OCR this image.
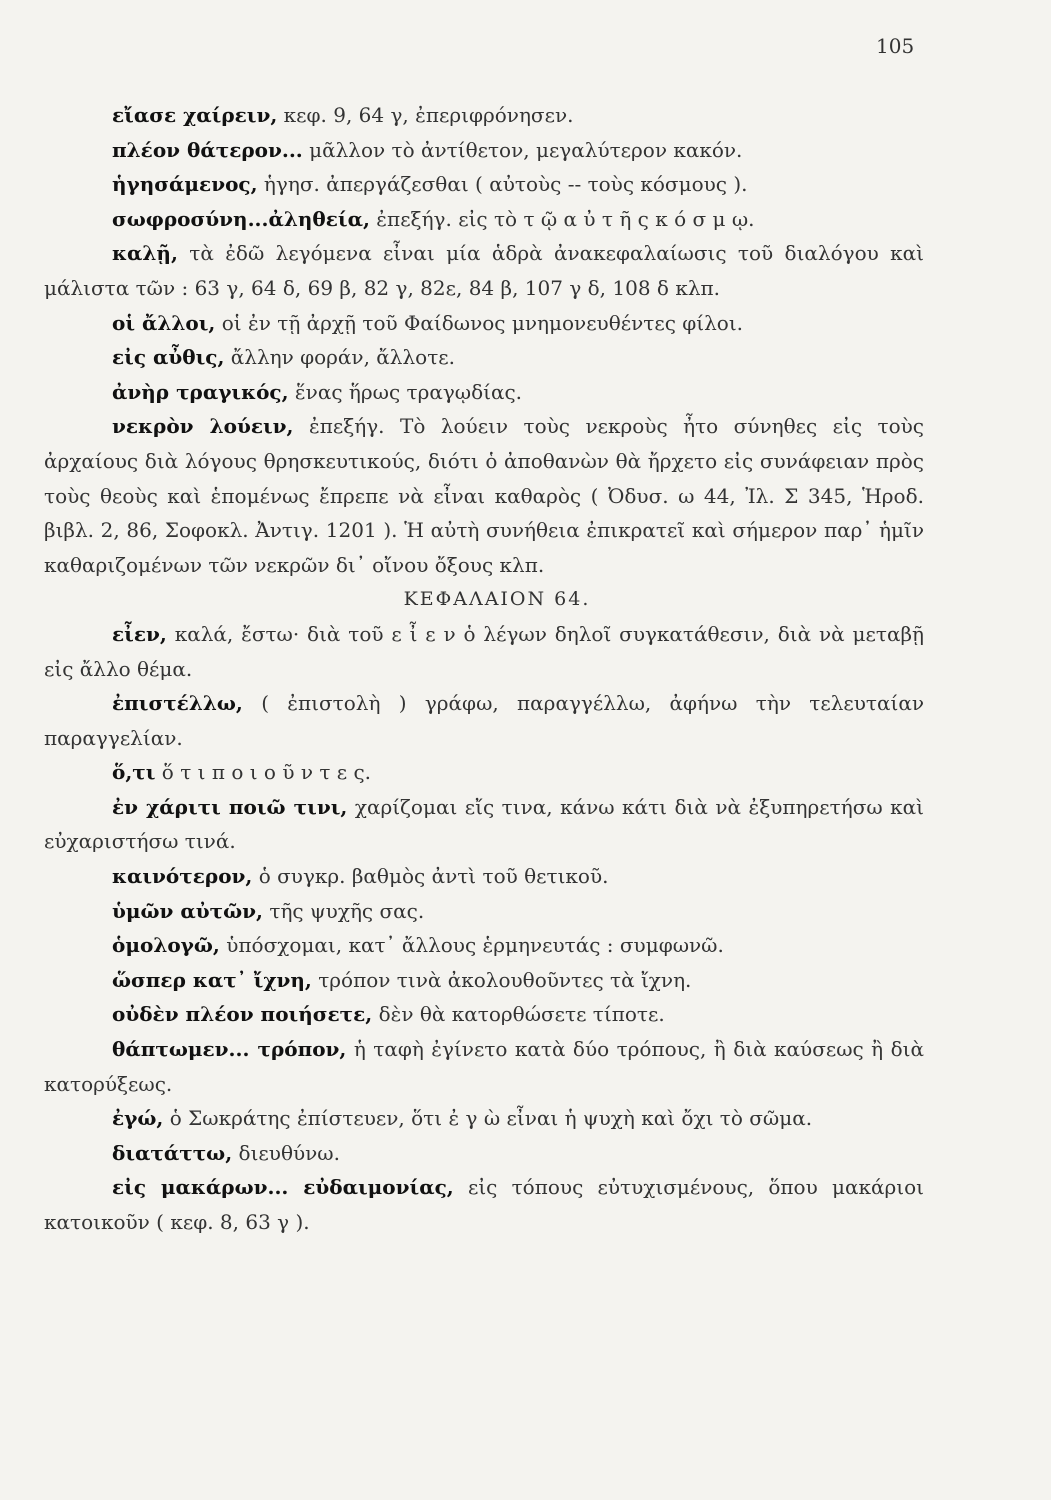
105

εἴασε χαίρειν, κεφ. 9, 64 γ, ἐπεριφρόνησεν.

πλέον θάτερον... μᾶλλον τὸ ἀντίθετον, μεγαλύτερον κακόν.

ἡγησάμενος, ἡγησ. ἀπεργάζεσθαι ( αὐτοὺς -- τοὺς κόσμους ).

σωφροσύνη...ἀληθεία, ἐπεξήγ. εἰς τὸ τ ῷ α ὐ τ ῆ ς κ ό σ μ ῳ.

καλῇ, τὰ ἐδῶ λεγόμενα εἶναι μία ἁδρὰ ἀνακεφαλαίωσις τοῦ διαλόγου καὶ μάλιστα τῶν : 63 γ, 64 δ, 69 β, 82 γ, 82ε, 84 β, 107 γ δ, 108 δ κλπ.

οἱ ἄλλοι, οἱ ἐν τῇ ἀρχῇ τοῦ Φαίδωνος μνημονευθέντες φίλοι.

εἰς αὖθις, ἄλλην φοράν, ἄλλοτε.

ἀνὴρ τραγικός, ἕνας ἥρως τραγῳδίας.

νεκρὸν λούειν, ἐπεξήγ. Τὸ λούειν τοὺς νεκροὺς ἦτο σύνηθες εἰς τοὺς ἀρχαίους διὰ λόγους θρησκευτικούς, διότι ὁ ἀποθανὼν θὰ ἤρχετο εἰς συνάφειαν πρὸς τοὺς θεοὺς καὶ ἑπομένως ἔπρεπε νὰ εἶναι καθαρὸς ( Ὀδυσ. ω 44, Ἰλ. Σ 345, Ἡροδ. βιβλ. 2, 86, Σοφοκλ. Ἀντιγ. 1201 ). Ἡ αὐτὴ συνήθεια ἐπικρατεῖ καὶ σήμερον παρ᾽ ἡμῖν καθαριζομένων τῶν νεκρῶν δι᾽ οἴνου ὄξους κλπ.

ΚΕΦΑΛΑΙΟΝ 64.

εἶεν, καλά, ἔστω· διὰ τοῦ ε ἶ ε ν ὁ λέγων δηλοῖ συγκατάθεσιν, διὰ νὰ μεταβῇ εἰς ἄλλο θέμα.

ἐπιστέλλω, ( ἐπιστολὴ ) γράφω, παραγγέλλω, ἀφήνω τὴν τελευταίαν παραγγελίαν.

ὅ,τι ὅ τ ι π ο ι ο ῦ ν τ ε ς.

ἐν χάριτι ποιῶ τινι, χαρίζομαι εἴς τινα, κάνω κάτι διὰ νὰ ἐξυπηρετήσω καὶ εὐχαριστήσω τινά.

καινότερον, ὁ συγκρ. βαθμὸς ἀντὶ τοῦ θετικοῦ.

ὑμῶν αὐτῶν, τῆς ψυχῆς σας.

ὁμολογῶ, ὑπόσχομαι, κατ᾽ ἄλλους ἑρμηνευτάς : συμφωνῶ.

ὥσπερ κατ᾽ ἴχνη, τρόπον τινὰ ἀκολουθοῦντες τὰ ἴχνη.

οὐδὲν πλέον ποιήσετε, δὲν θὰ κατορθώσετε τίποτε.

θάπτωμεν... τρόπον, ἡ ταφὴ ἐγίνετο κατὰ δύο τρόπους, ἢ διὰ καύσεως ἢ διὰ κατορύξεως.

ἐγώ, ὁ Σωκράτης ἐπίστευεν, ὅτι ἐ γ ὼ εἶναι ἡ ψυχὴ καὶ ὄχι τὸ σῶμα.

διατάττω, διευθύνω.

εἰς μακάρων... εὐδαιμονίας, εἰς τόπους εὐτυχισμένους, ὅπου μακάριοι κατοικοῦν ( κεφ. 8, 63 γ ).
